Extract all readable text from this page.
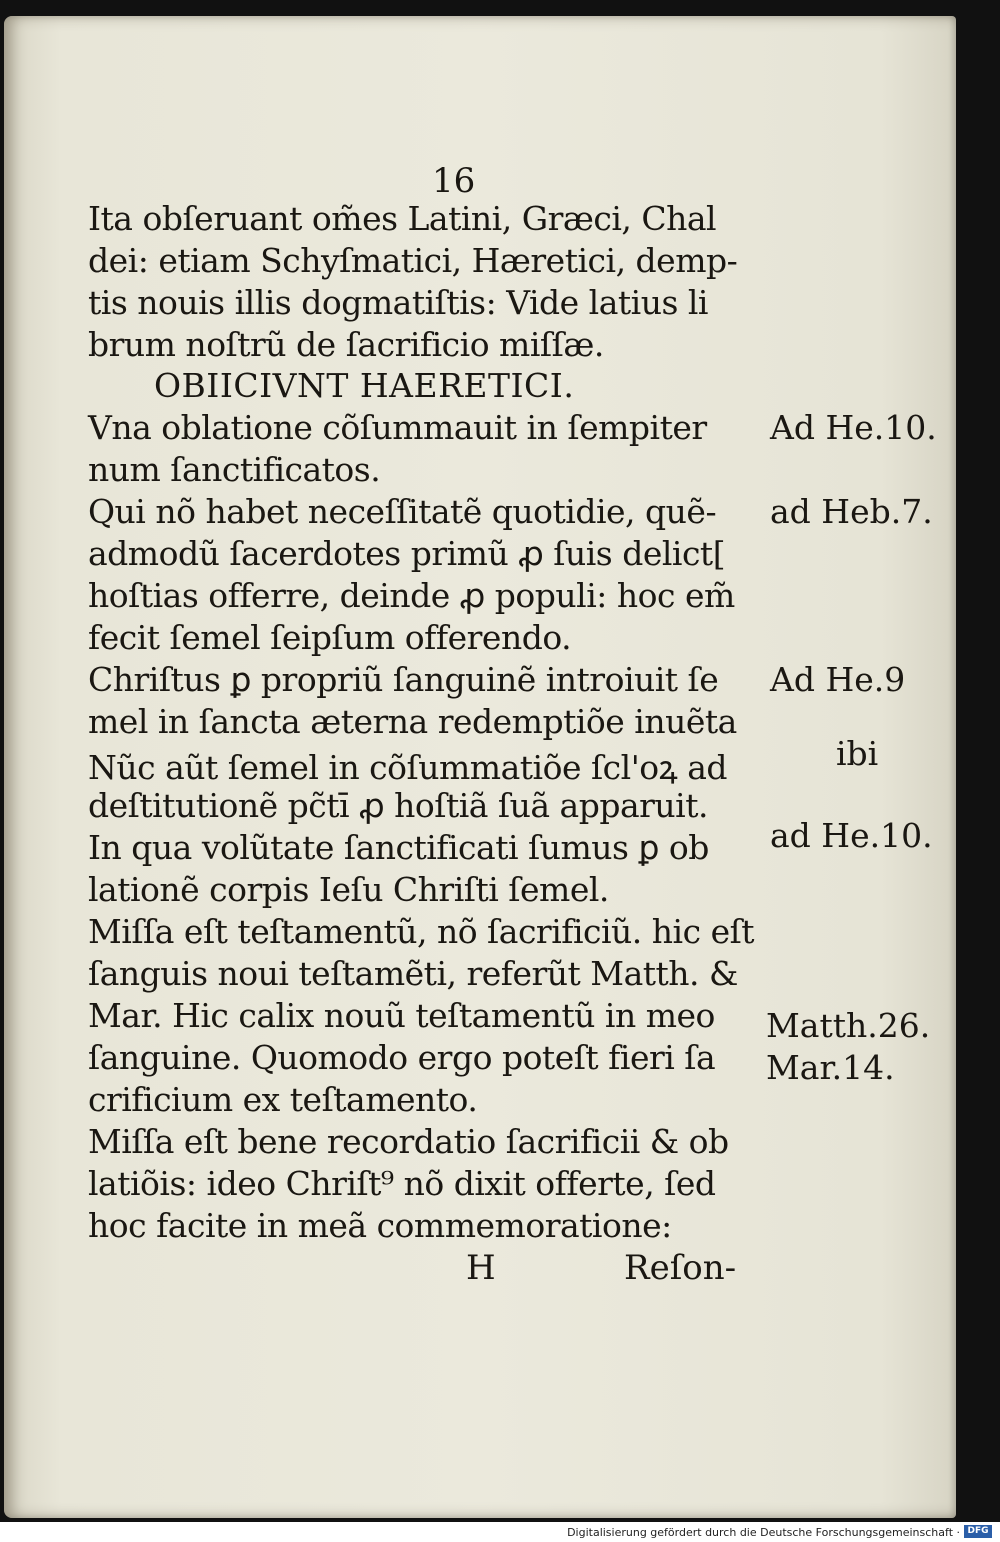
16
Ita obſeruant om̃es Latini, Græci, Chal
dei: etiam Schyſmatici, Hæretici, demp-
tis nouis illis dogmatiſtis: Vide latius li
brum noſtrũ de ſacrificio miſſæ.
OBIICIVNT HAERETICI.
Vna oblatione cõſummauit in ſempiter
num ſanctificatos.
Qui nõ habet neceſſitatẽ quotidie, quẽ-
admodũ ſacerdotes primũ ꝓ ſuis delict[
hoſtias offerre, deinde ꝓ populi: hoc em̃
fecit ſemel ſeipſum offerendo.
Chriſtus ꝑ propriũ ſanguinẽ introiuit ſe
mel in ſancta æterna redemptiõe inuẽta
Nũc aũt ſemel in cõſummatiõe ſcl'oꝝ ad
deſtitutionẽ pc̃tī ꝓ hoſtiã ſuã apparuit.
In qua volũtate ſanctificati ſumus ꝑ ob
lationẽ corpis Ieſu Chriſti ſemel.
Miſſa eſt teſtamentũ, nõ ſacrificiũ. hic eſt
ſanguis noui teſtamẽti, referũt Matth. &
Mar. Hic calix nouũ teſtamentũ in meo
ſanguine. Quomodo ergo poteſt fieri ſa
crificium ex teſtamento.
Miſſa eſt bene recordatio ſacrificii & ob
latiõis: ideo Chriſt⁹ nõ dixit offerte, ſed
hoc facite in meã commemoratione:
Ad He.10.
ad Heb.7.
Ad He.9
ibi
ad He.10.
Matth.26.
Mar.14.
H	Reſon-
Digitalisierung gefördert durch die Deutsche Forschungsgemeinschaft · DFG
